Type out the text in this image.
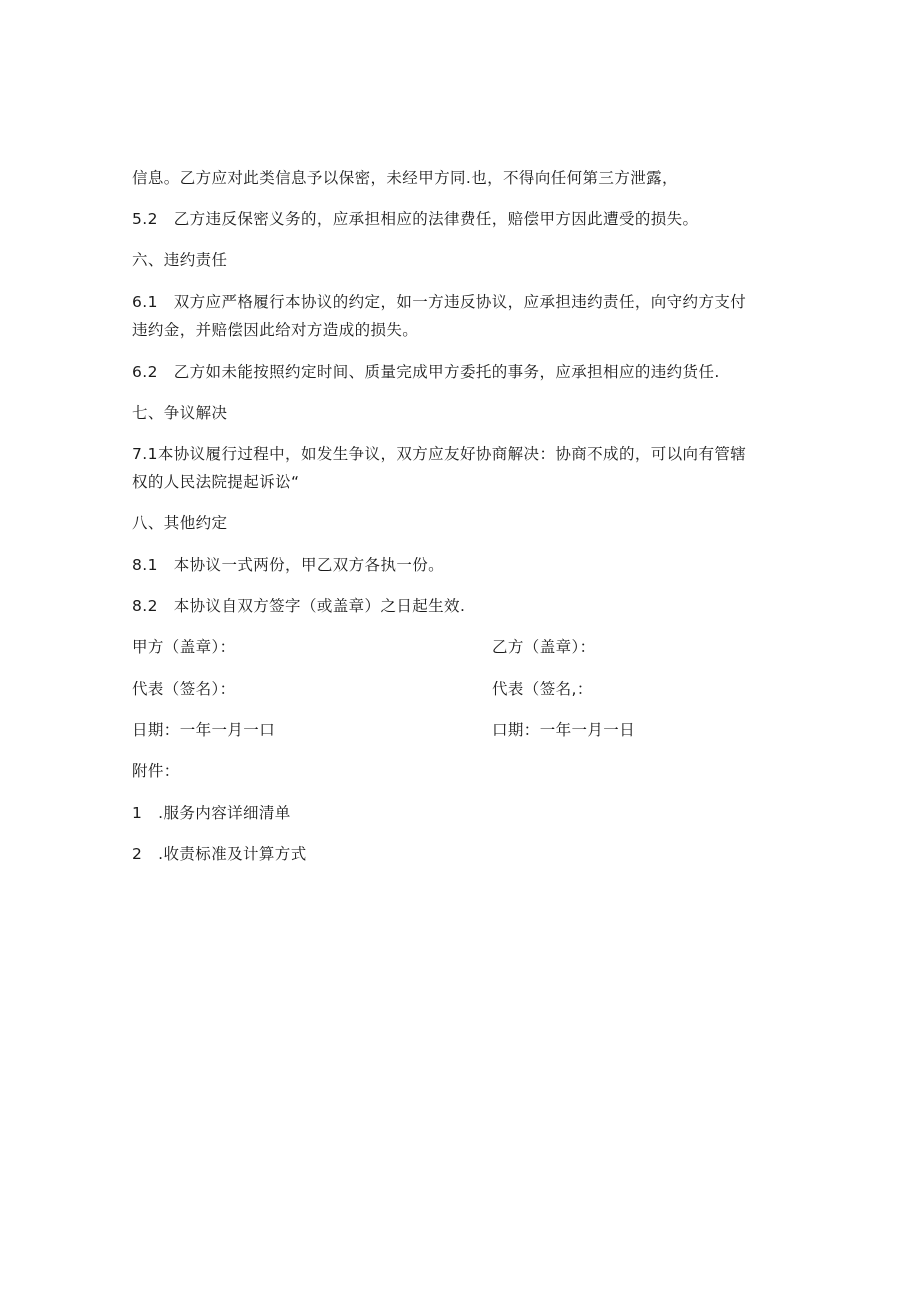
信息。乙方应对此类信息予以保密，未经甲方同.也，不得向任何第三方泄露，
5.2　乙方违反保密义务的，应承担相应的法律费任，赔偿甲方因此遭受的损失。
六、违约责任
6.1　双方应严格履行本协议的约定，如一方违反协议，应承担违约责任，向守约方支付
违约金，并赔偿因此给对方造成的损失。
6.2　乙方如未能按照约定时间、质量完成甲方委托的事务，应承担相应的违约货任.
七、争议解决
7.1本协议履行过程中，如发生争议，双方应友好协商解决：协商不成的，可以向有管辖
权的人民法院提起诉讼“
八、其他约定
8.1　本协议一式两份，甲乙双方各执一份。
8.2　本协议自双方签字（或盖章）之日起生效.
甲方（盖章）：	乙方（盖章）：
代表（签名）：	代表（签名,：
日期：一年一月一口	口期：一年一月一日
附件：
1　.服务内容详细清单
2　.收责标准及计算方式
